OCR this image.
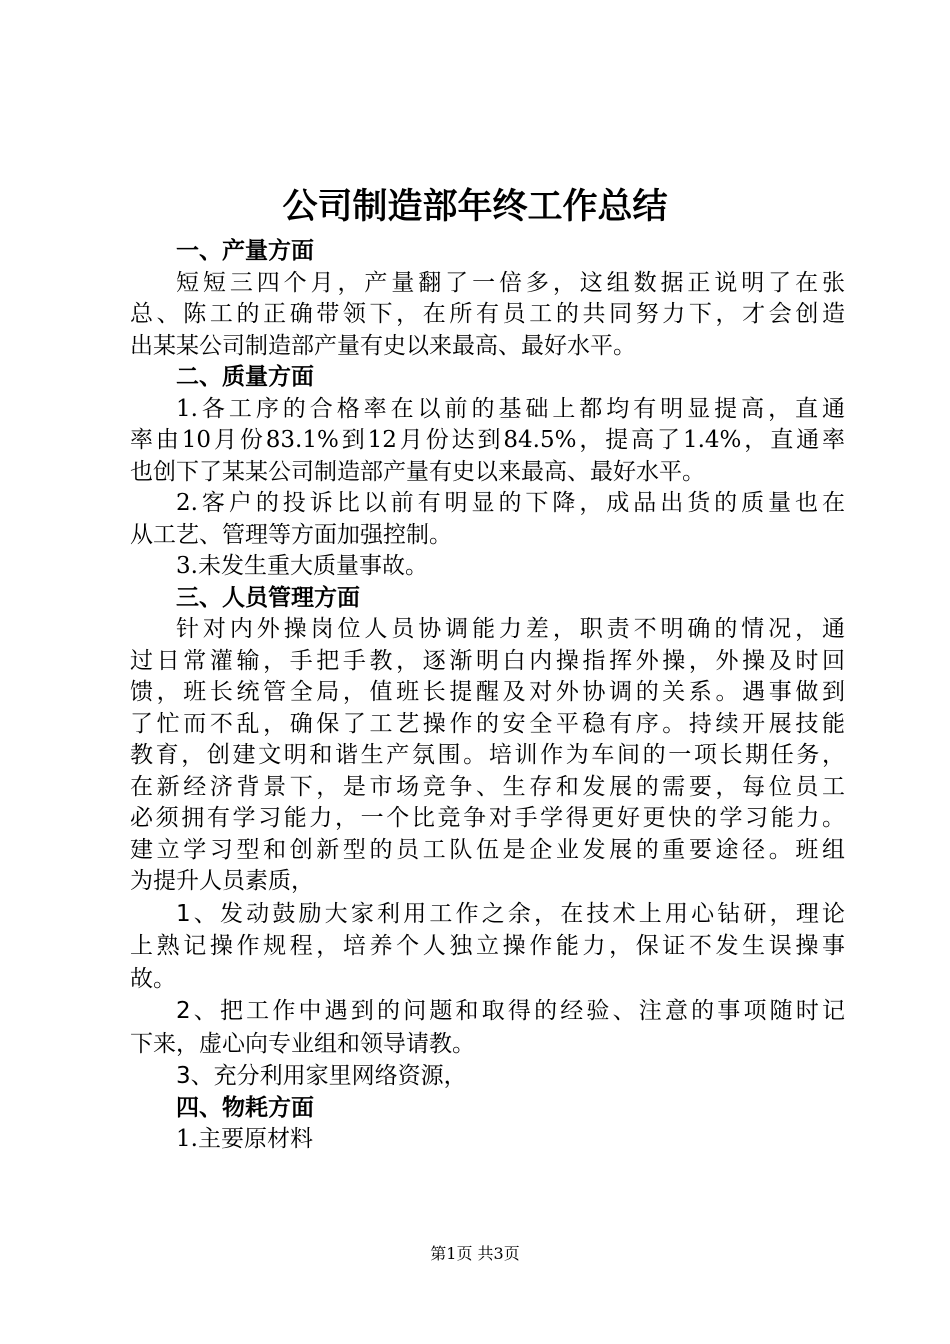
公司制造部年终工作总结
一、产量方面
短短三四个月，产量翻了一倍多，这组数据正说明了在张
总、陈工的正确带领下，在所有员工的共同努力下，才会创造
出某某公司制造部产量有史以来最高、最好水平。
二、质量方面
1.各工序的合格率在以前的基础上都均有明显提高，直通
率由10月份83.1%到12月份达到84.5%，提高了1.4%，直通率
也创下了某某公司制造部产量有史以来最高、最好水平。
2.客户的投诉比以前有明显的下降，成品出货的质量也在
从工艺、管理等方面加强控制。
3.未发生重大质量事故。
三、人员管理方面
针对内外操岗位人员协调能力差，职责不明确的情况，通
过日常灌输，手把手教，逐渐明白内操指挥外操，外操及时回
馈，班长统管全局，值班长提醒及对外协调的关系。遇事做到
了忙而不乱，确保了工艺操作的安全平稳有序。持续开展技能
教育，创建文明和谐生产氛围。培训作为车间的一项长期任务，
在新经济背景下，是市场竞争、生存和发展的需要，每位员工
必须拥有学习能力，一个比竞争对手学得更好更快的学习能力。
建立学习型和创新型的员工队伍是企业发展的重要途径。班组
为提升人员素质，
1、发动鼓励大家利用工作之余，在技术上用心钻研，理论
上熟记操作规程，培养个人独立操作能力，保证不发生误操事
故。
2、把工作中遇到的问题和取得的经验、注意的事项随时记
下来，虚心向专业组和领导请教。
3、充分利用家里网络资源，
四、物耗方面
1.主要原材料
第1页 共3页
